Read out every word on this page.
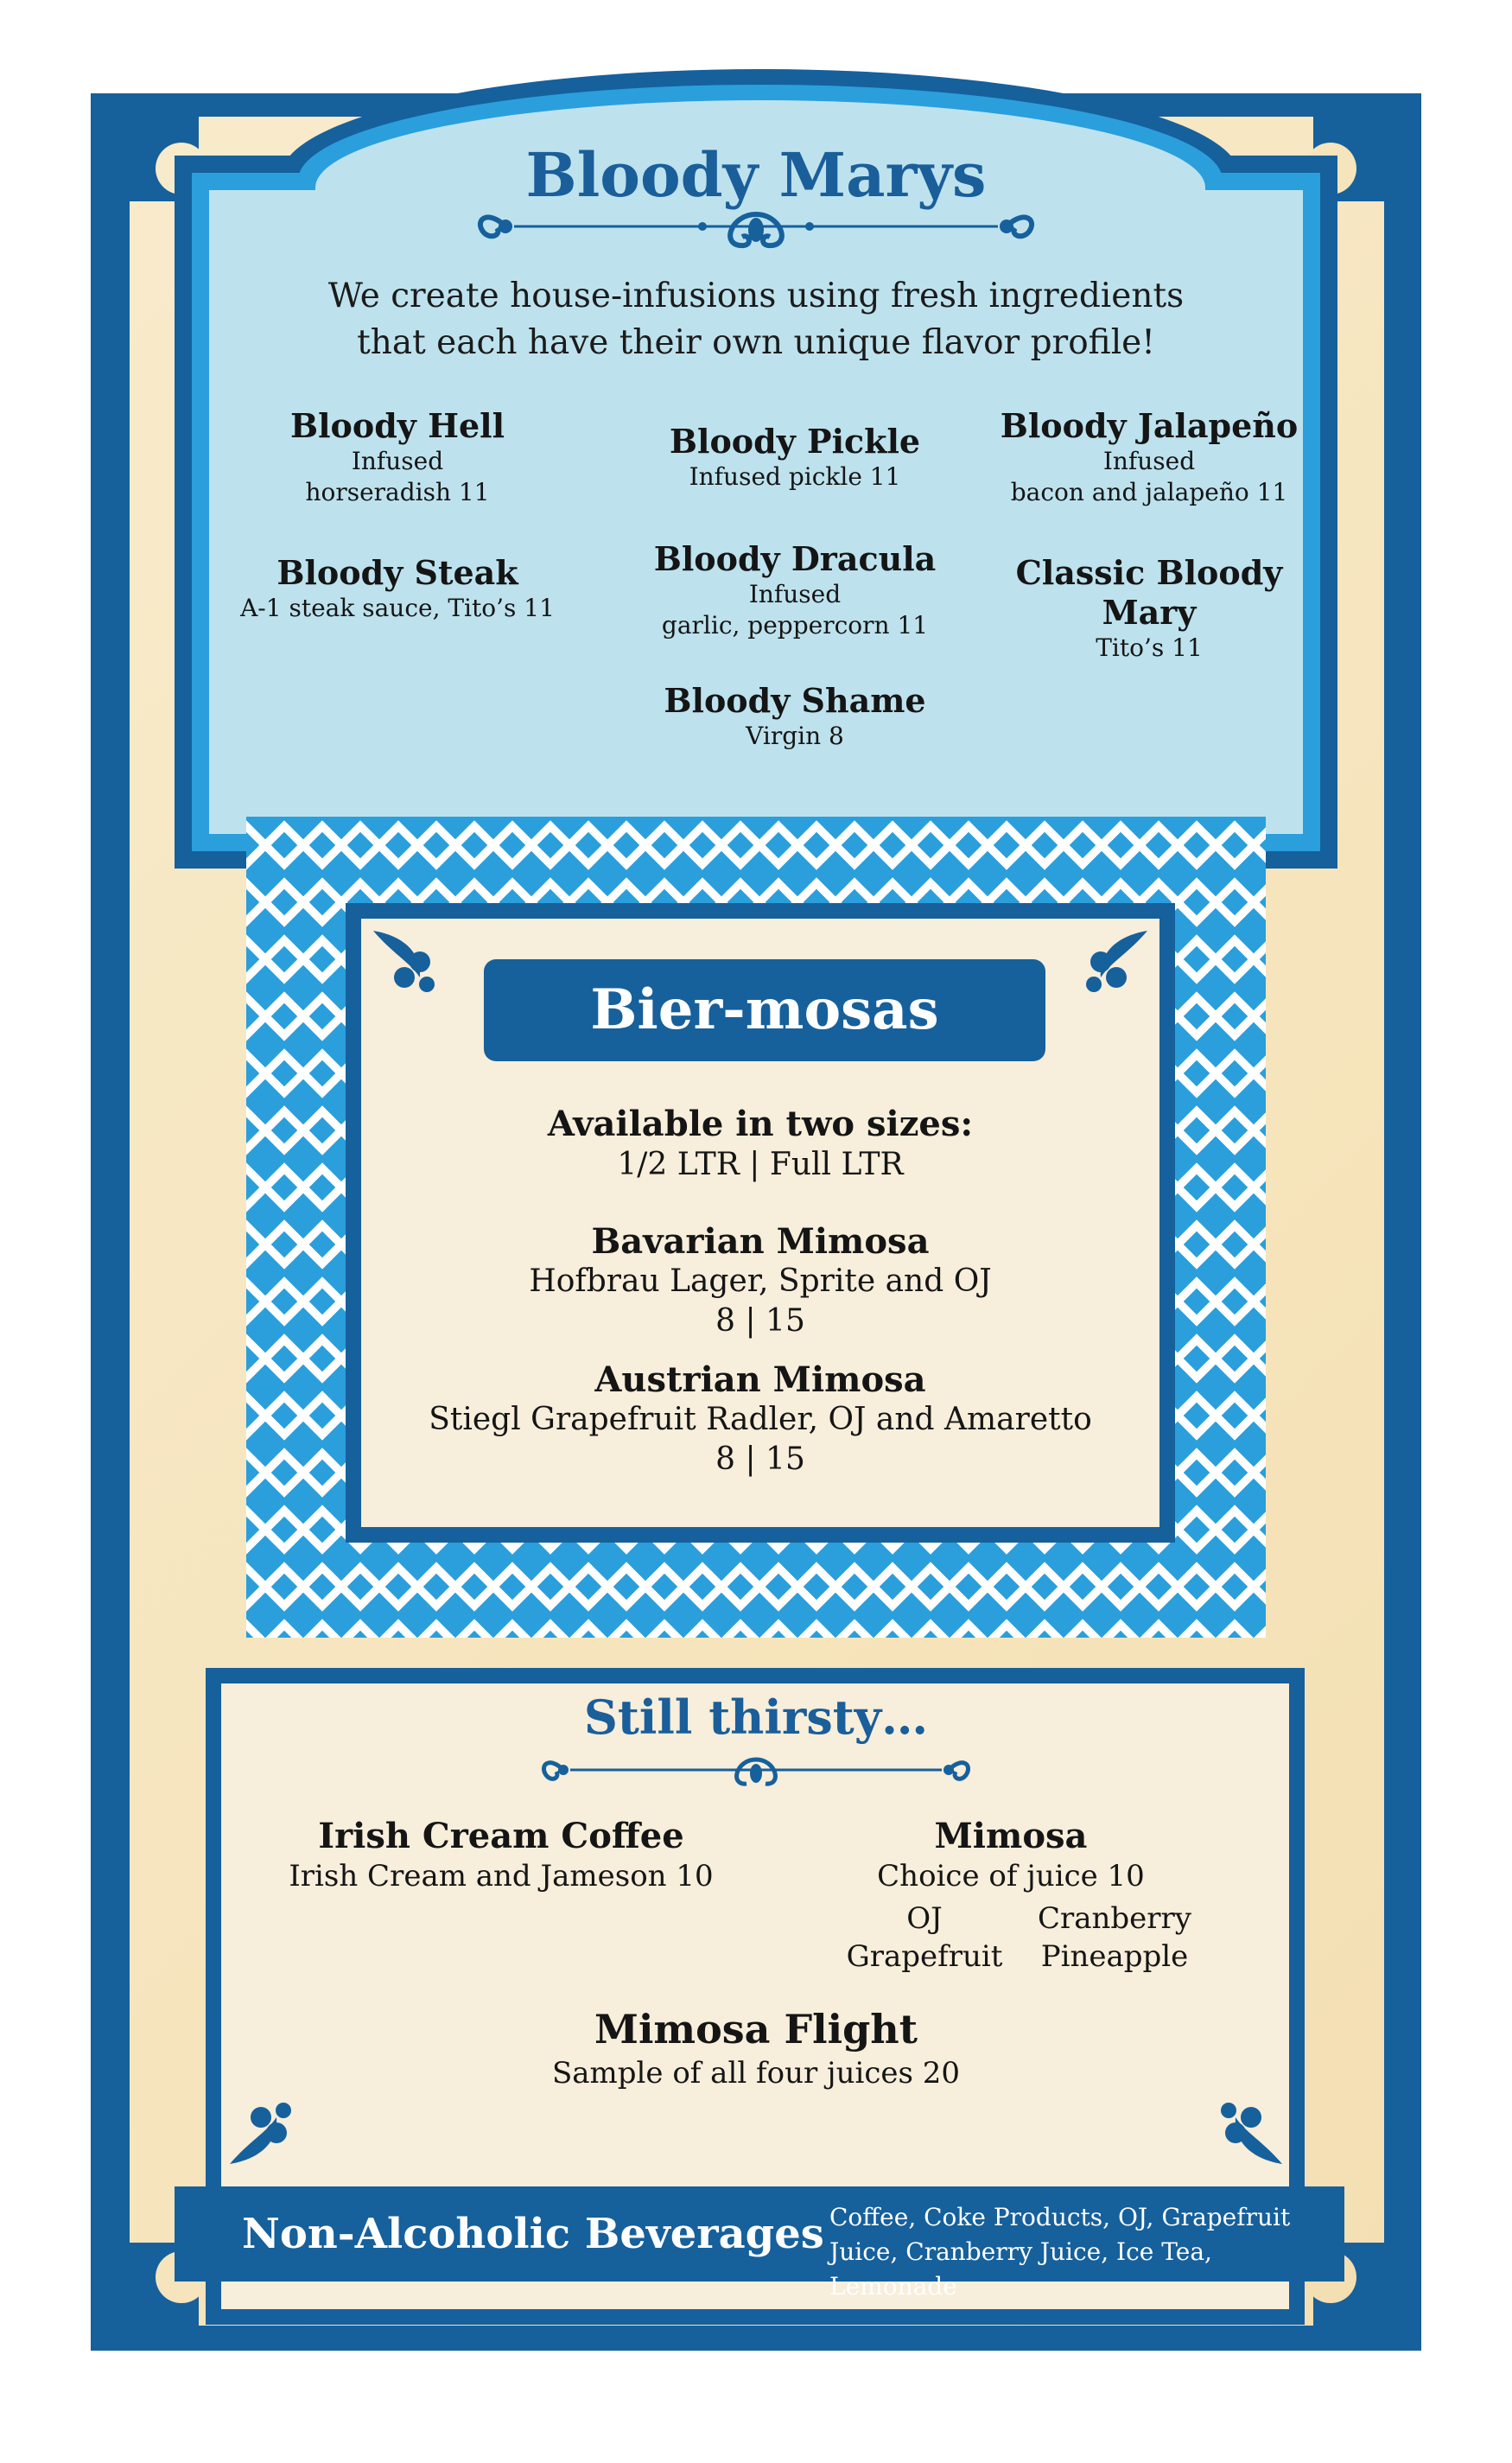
Bloody Marys
We create house-infusions using fresh ingredients
that each have their own unique flavor profile!
Bloody Hell
Infused
horseradish 11
Bloody Pickle
Infused pickle 11
Bloody Jalapeño
Infused
bacon and jalapeño 11
Bloody Steak
A-1 steak sauce, Tito’s 11
Bloody Dracula
Infused
garlic, peppercorn 11
Classic Bloody Mary
Tito’s 11
Bloody Shame
Virgin 8
Bier-mosas
Available in two sizes:
1/2 LTR | Full LTR
Bavarian Mimosa
Hofbrau Lager, Sprite and OJ
8 | 15
Austrian Mimosa
Stiegl Grapefruit Radler, OJ and Amaretto
8 | 15
Still thirsty…
Irish Cream Coffee
Irish Cream and Jameson 10
Mimosa
Choice of juice 10
OJ	Cranberry
Grapefruit	Pineapple
Mimosa Flight
Sample of all four juices 20
Non-Alcoholic Beverages Coffee, Coke Products, OJ, Grapefruit
Juice, Cranberry Juice, Ice Tea, Lemonade
